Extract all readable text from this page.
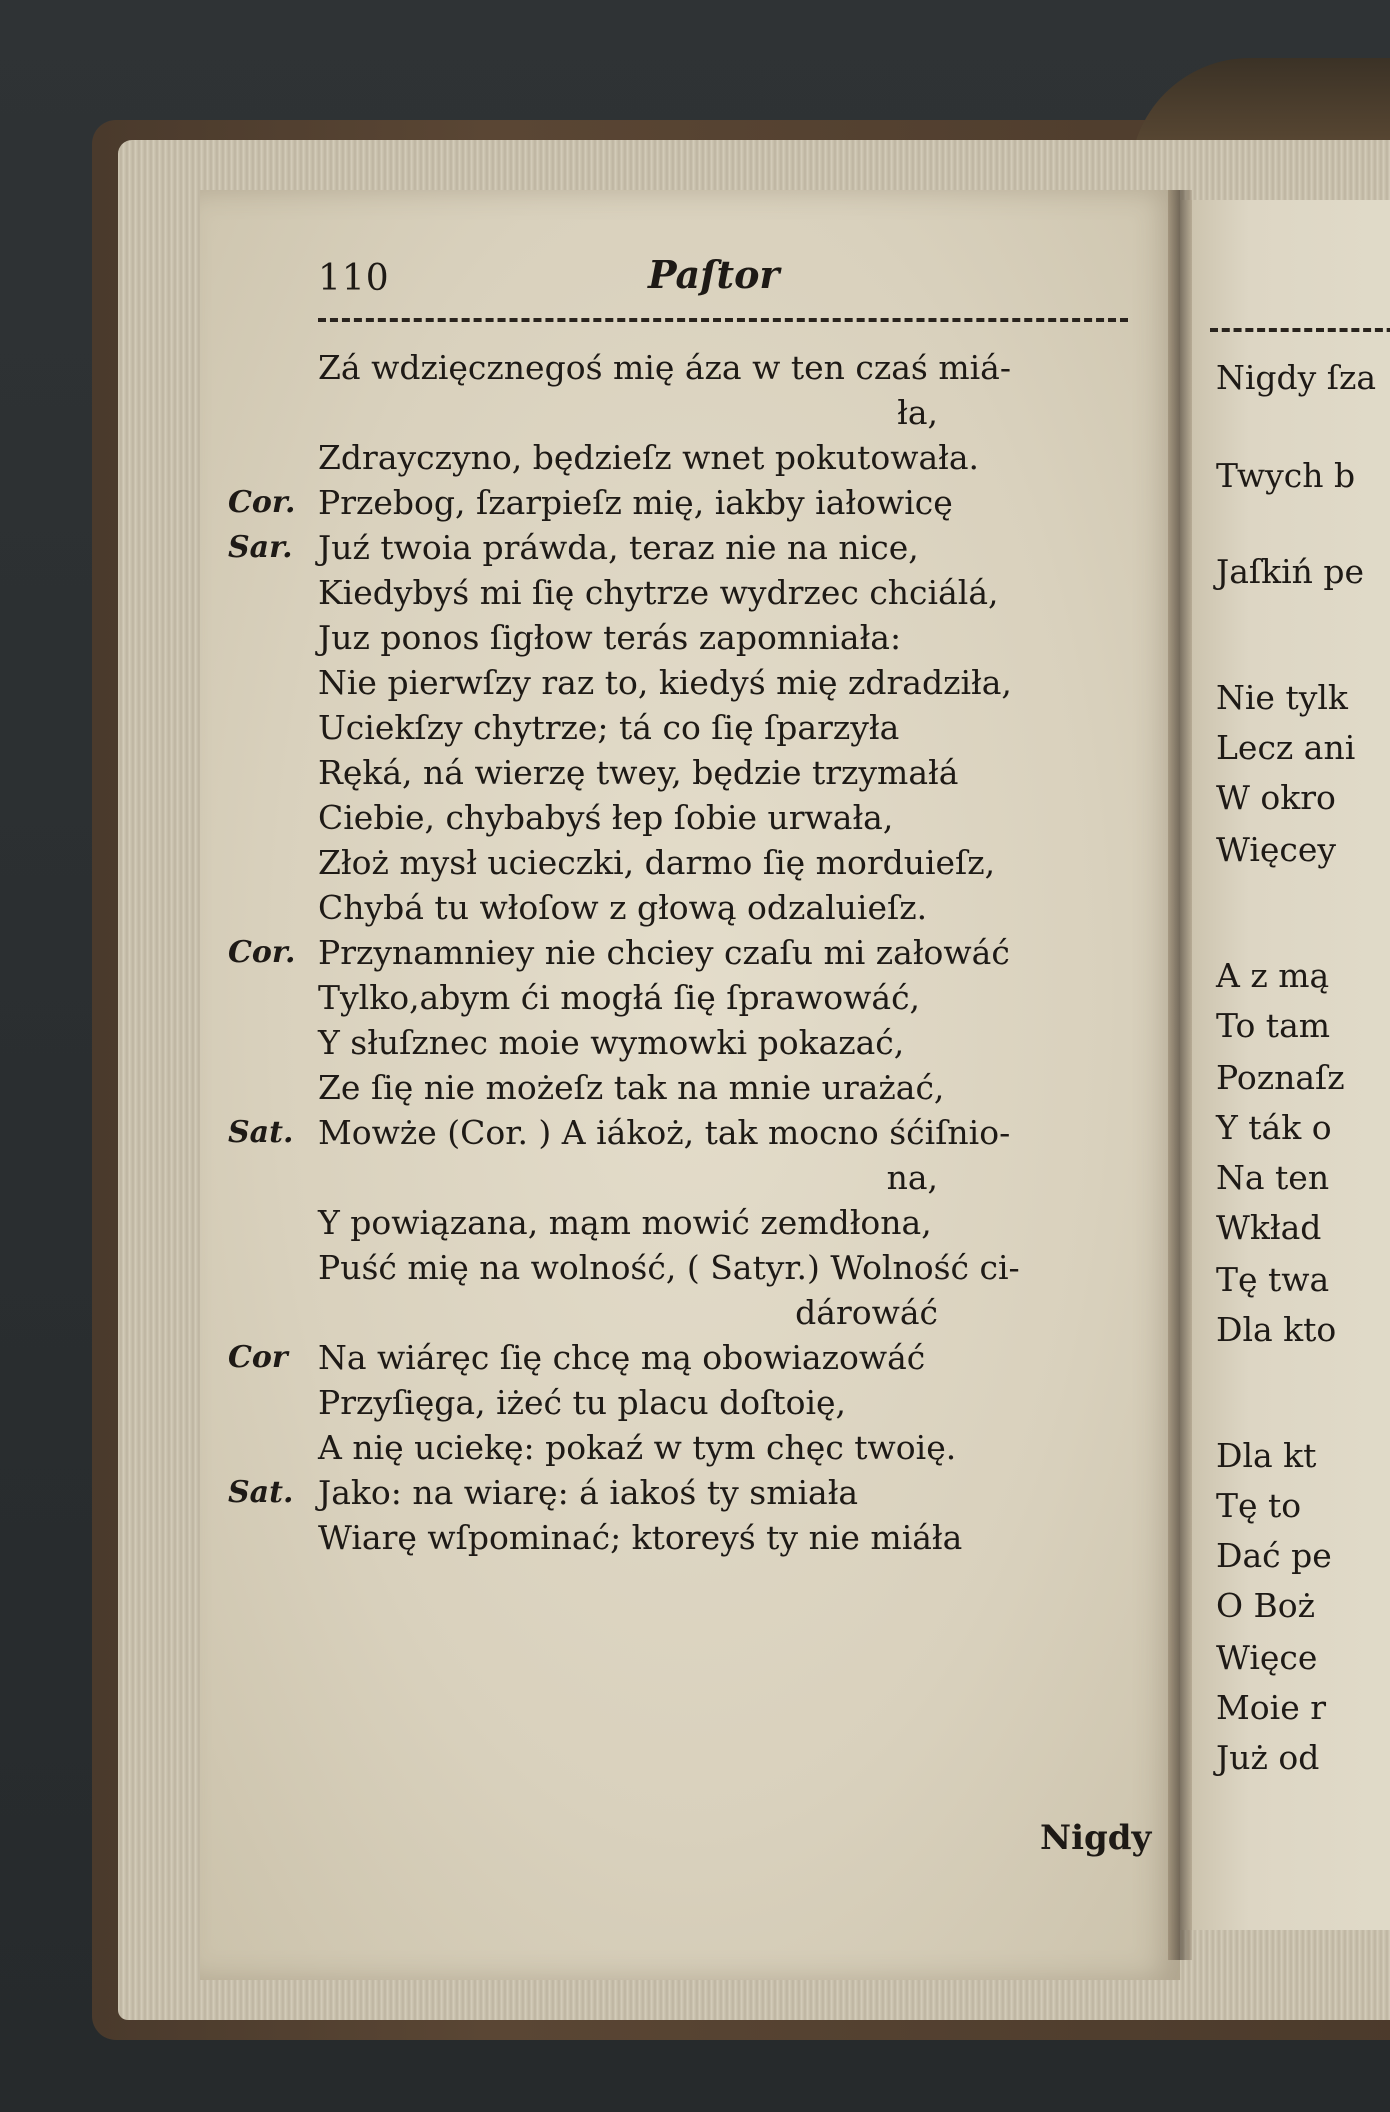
Nigdy ſza
Twych b
Jaſkiń pe
Nie tylk
Lecz ani
W okro
Więcey
A z mą
To tam
Poznaſz
Y ták o
Na ten
Wkład
Tę twa
Dla kto
Dla kt
Tę to
Dać pe
O Boż
Więce
Moie r
Już od
110	Paſtor
Zá wdzięcznegoś mię áza w ten czaś miá-
ła,
Zdrayczyno, będzieſz wnet pokutowała.
Cor. Przebog, ſzarpieſz mię, iakby iałowicę
Sar. Juź twoia práwda, teraz nie na nice,
Kiedybyś mi ſię chytrze wydrzec chciálá,
Juz ponos ſigłow terás zapomniała:
Nie pierwſzy raz to, kiedyś mię zdradziła,
Uciekſzy chytrze; tá co ſię ſparzyła
Ręká, ná wierzę twey, będzie trzymałá
Ciebie, chybabyś łep ſobie urwała,
Złoż mysł ucieczki, darmo ſię morduieſz,
Chybá tu włoſow z głową odzaluieſz.
Cor. Przynamniey nie chciey czaſu mi załowáć
Tylko,abym ći mogłá ſię ſprawowáć,
Y słuſznec moie wymowki pokazać,
Ze ſię nie możeſz tak na mnie urażać,
Sat. Mowże (Cor. ) A iákoż, tak mocno śćiſnio-
na,
Y powiązana, mąm mowić zemdłona,
Puść mię na wolność, ( Satyr.) Wolność ci-
dárowáć
Cor Na wiáręc ſię chcę mą obowiazowáć
Przyſięga, iżeć tu placu doſtoię,
A nię uciekę: pokaź w tym chęc twoię.
Sat. Jako: na wiarę: á iakoś ty smiała
Wiarę wſpominać; ktoreyś ty nie miáła
Nigdy
